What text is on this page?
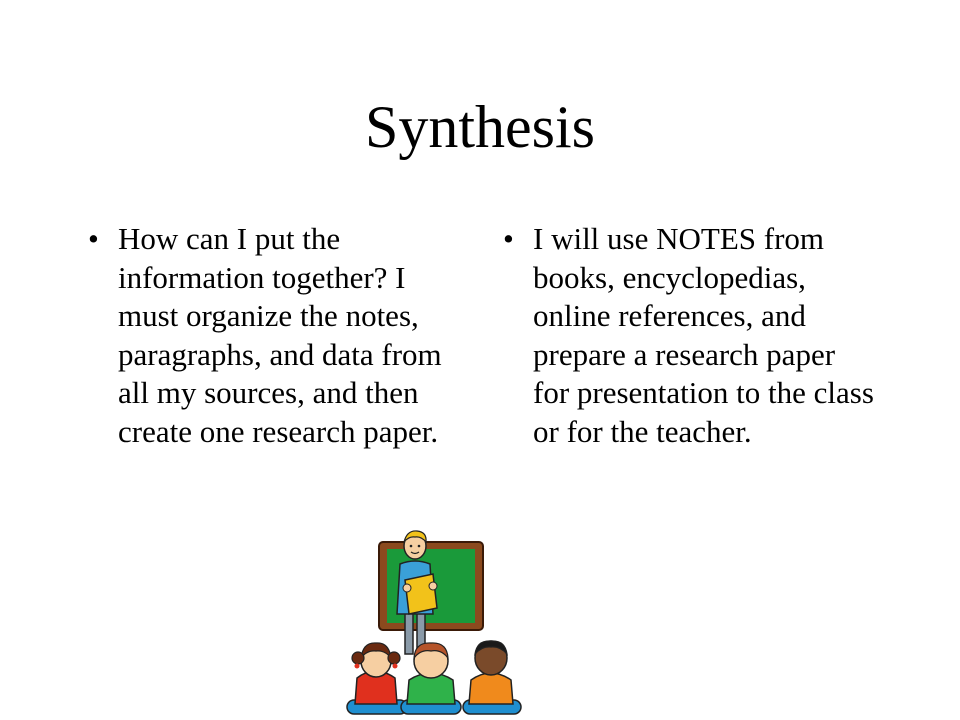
Synthesis

• How can I put the information together? I must organize the notes, paragraphs, and data from all my sources, and then create one research paper.

• I will use NOTES from books, encyclopedias, online references, and prepare a research paper for presentation to the class or for the teacher.
